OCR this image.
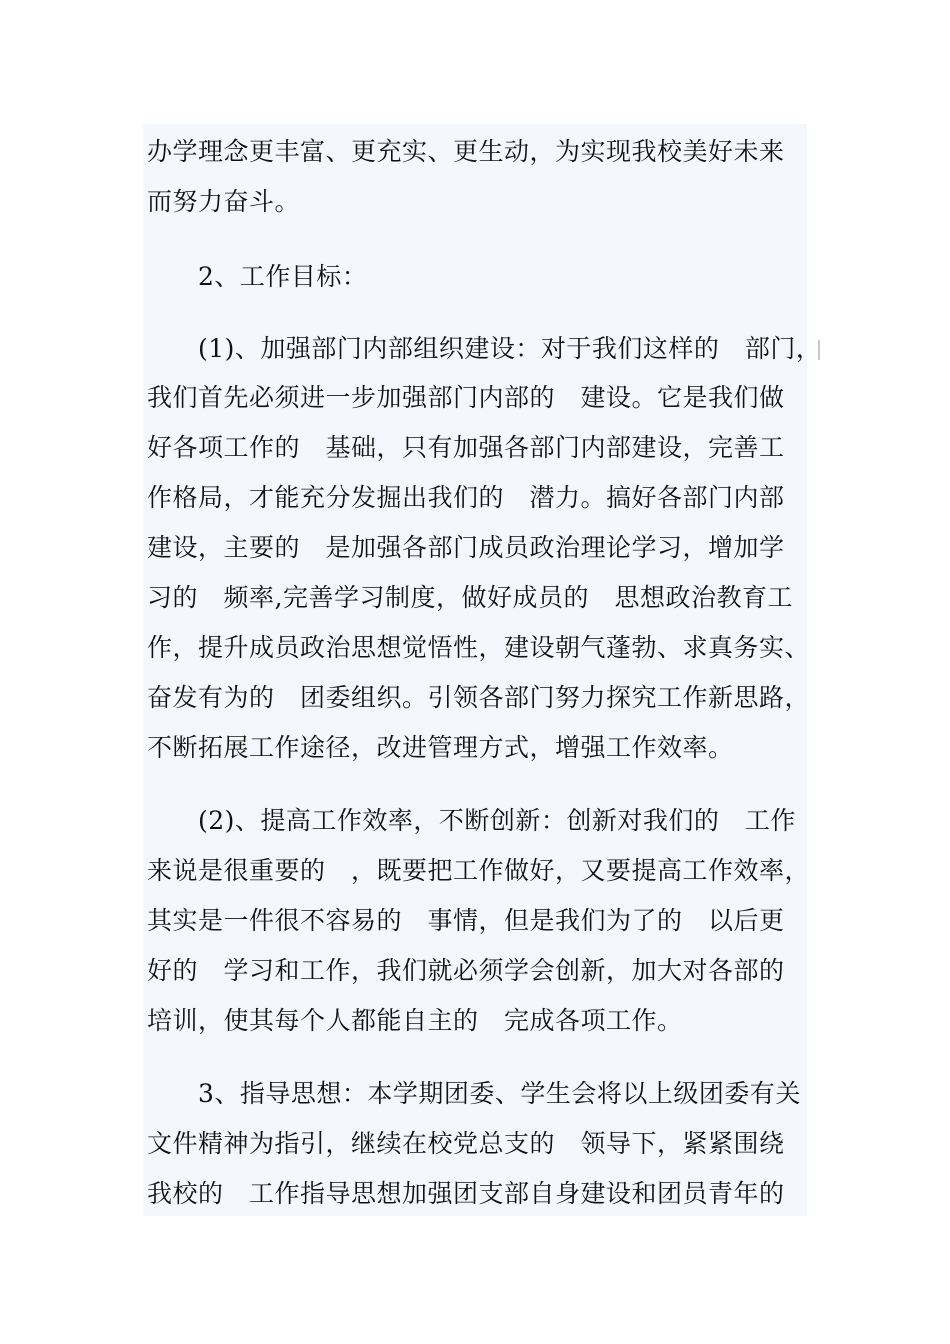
办学理念更丰富、更充实、更生动，为实现我校美好未来
而努力奋斗。
　　2、工作目标：
　　(1)、加强部门内部组织建设：对于我们这样的　部门，
我们首先必须进一步加强部门内部的　建设。它是我们做
好各项工作的　基础，只有加强各部门内部建设，完善工
作格局，才能充分发掘出我们的　潜力。搞好各部门内部
建设，主要的　是加强各部门成员政治理论学习，增加学
习的　频率,完善学习制度，做好成员的　思想政治教育工
作，提升成员政治思想觉悟性，建设朝气蓬勃、求真务实、
奋发有为的　团委组织。引领各部门努力探究工作新思路，
不断拓展工作途径，改进管理方式，增强工作效率。
　　(2)、提高工作效率，不断创新：创新对我们的　工作
来说是很重要的　，既要把工作做好，又要提高工作效率，
其实是一件很不容易的　事情，但是我们为了的　以后更
好的　学习和工作，我们就必须学会创新，加大对各部的
培训，使其每个人都能自主的　完成各项工作。
　　3、指导思想：本学期团委、学生会将以上级团委有关
文件精神为指引，继续在校党总支的　领导下，紧紧围绕
我校的　工作指导思想加强团支部自身建设和团员青年的
